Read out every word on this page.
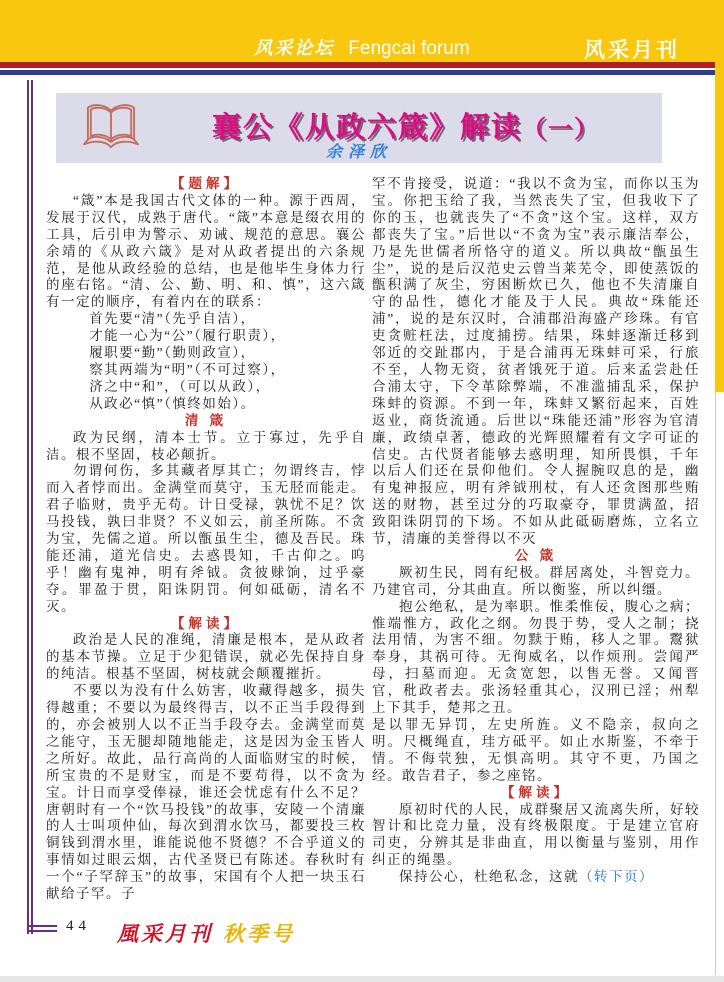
风采论坛 Fengcai forum	风采月刊
襄公《从政六箴》解读（一）
余泽欣

【题解】

“箴”本是我国古代文体的一种。源于西周，发展于汉代，成熟于唐代。“箴”本意是缀衣用的工具，后引申为警示、劝诫、规范的意思。襄公余靖的《从政六箴》是对从政者提出的六条规范，是他从政经验的总结，也是他毕生身体力行的座右铭。“清、公、勤、明、和、慎”，这六箴有一定的顺序，有着内在的联系：

首先要“清”（先乎自洁），

才能一心为“公”（履行职责），

履职要“勤”（勤则政宣），

察其两端为“明”（不可过察），

济之中“和”，（可以从政），

从政必“慎”（慎终如始）。

清 箴

政为民纲，清本士节。立于寡过，先乎自洁。根不坚固，枝必颠折。

勿谓何伤，多其藏者厚其亡；勿谓终吉，悖而入者悖而出。金满堂而莫守，玉无胫而能走。君子临财，贵乎无苟。计日受禄，孰忧不足？饮马投钱，孰曰非贤？不义如云，前圣所陈。不贪为宝，先儒之道。所以甑虽生尘，德及吾民。珠能还浦，道光信史。去惑畏知，千古仰之。呜乎！幽有鬼神，明有斧钺。贪彼赇饷，过乎豪夺。罪盈于贯，阳诛阴罚。何如砥砺，清名不灭。

【解读】

政治是人民的准绳，清廉是根本，是从政者的基本节操。立足于少犯错误，就必先保持自身的纯洁。根基不坚固，树枝就会颠覆摧折。

不要以为没有什么妨害，收藏得越多，损失得越重；不要以为最终得吉，以不正当手段得到的，亦会被别人以不正当手段夺去。金满堂而莫之能守，玉无腿却随地能走，这是因为金玉皆人之所好。故此，品行高尚的人面临财宝的时候，所宝贵的不是财宝，而是不要苟得，以不贪为宝。计日而享受俸禄，谁还会忧虑有什么不足？唐朝时有一个“饮马投钱”的故事，安陵一个清廉的人士叫项仲仙，每次到渭水饮马，都要投三枚铜钱到渭水里，谁能说他不贤德？不合乎道义的事情如过眼云烟，古代圣贤已有陈述。春秋时有一个“子罕辞玉”的故事，宋国有个人把一块玉石献给子罕。子

罕不肯接受，说道：“我以不贪为宝，而你以玉为宝。你把玉给了我，当然丧失了宝，但我收下了你的玉，也就丧失了“不贪”这个宝。这样，双方都丧失了宝。”后世以“不贪为宝”表示廉洁奉公，乃是先世儒者所恪守的道义。所以典故“甑虽生尘”，说的是后汉范史云曾当莱芜令，即使蒸饭的甑积满了灰尘，穷困断炊已久，他也不失清廉自守的品性，德化才能及于人民。典故“珠能还浦”，说的是东汉时，合浦郡沿海盛产珍珠。有官吏贪赃枉法，过度捕捞。结果，珠蚌逐渐迁移到邻近的交趾郡内，于是合浦再无珠蚌可采，行旅不至，人物无资，贫者饿死于道。后来孟尝赴任合浦太守，下令革除弊端，不准滥捕乱采，保护珠蚌的资源。不到一年，珠蚌又繁衍起来，百姓返业，商货流通。后世以“珠能还浦”形容为官清廉，政绩卓著，德政的光辉照耀着有文字可证的信史。古代贤者能够去惑明理，知所畏惧，千年以后人们还在景仰他们。令人握腕叹息的是，幽有鬼神报应，明有斧钺刑杖，有人还贪图那些贿送的财物，甚至过分的巧取豪夺，罪贯满盈，招致阳诛阴罚的下场。不如从此砥砺磨炼，立名立节，清廉的美誉得以不灭

公 箴

厥初生民，罔有纪极。群居离处，斗智竞力。乃建官司，分其曲直。所以衡鉴，所以纠缰。

抱公绝私，是为率职。惟柔惟佞，腹心之病；惟端惟方，政化之纲。勿畏于势，受人之制；挠法用情，为害不细。勿黩于贿，移人之罪。鬻狱奉身，其祸可待。无徇威名，以作烦刑。尝闻严母，扫墓而迎。无贪宽恕，以售无誉。又闻晋官，秕政者去。张汤轻重其心，汉刑已淫；州犁上下其手，楚邦之丑。

是以罪无异罚，左史所旌。义不隐亲，叔向之明。尺概绳直，珪方砥平。如止水斯鉴，不牵于情。不侮茕独，无惧高明。其守不更，乃国之经。敢告君子，参之座铭。

【解读】

原初时代的人民，成群聚居又流离失所，好较智计和比竞力量，没有终极限度。于是建立官府司吏，分辨其是非曲直，用以衡量与鉴别，用作纠正的绳墨。

保持公心，杜绝私念，这就（转下页）

44 風采月刊 秋季号
